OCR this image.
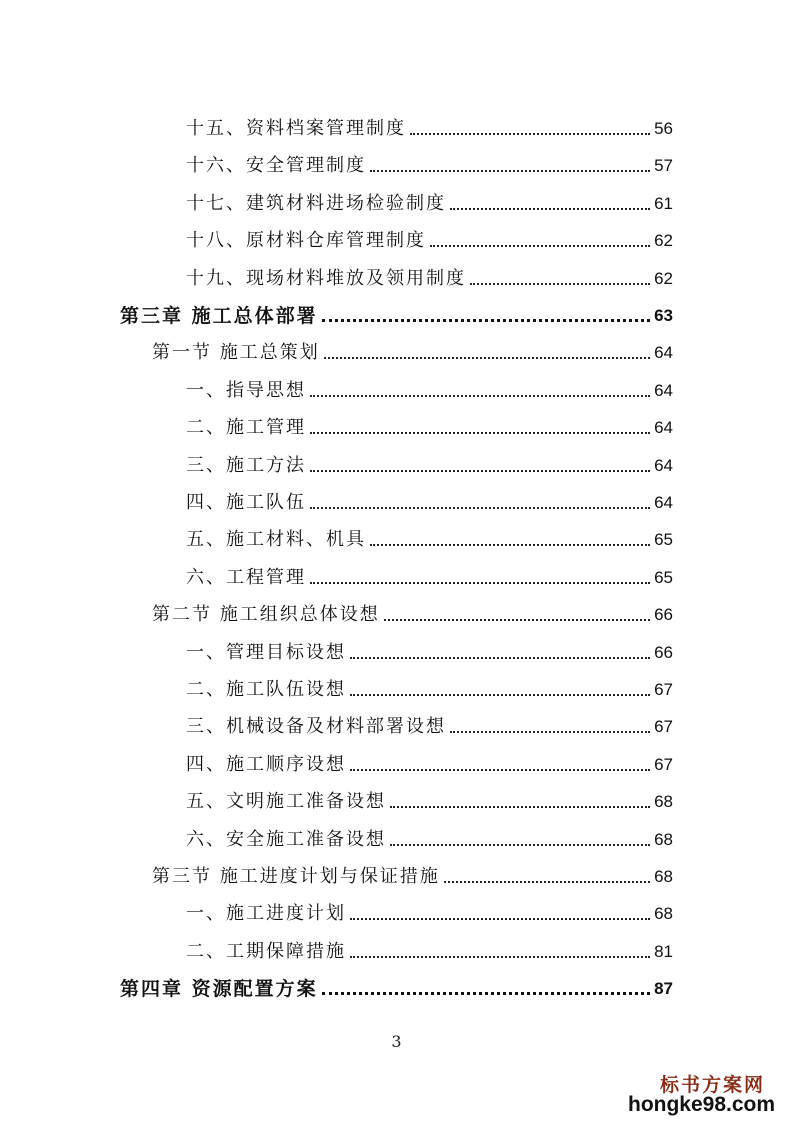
十五、资料档案管理制度	56
十六、安全管理制度	57
十七、建筑材料进场检验制度	61
十八、原材料仓库管理制度	62
十九、现场材料堆放及领用制度	62
第三章 施工总体部署	63
第一节 施工总策划	64
一、指导思想	64
二、施工管理	64
三、施工方法	64
四、施工队伍	64
五、施工材料、机具	65
六、工程管理	65
第二节 施工组织总体设想	66
一、管理目标设想	66
二、施工队伍设想	67
三、机械设备及材料部署设想	67
四、施工顺序设想	67
五、文明施工准备设想	68
六、安全施工准备设想	68
第三节 施工进度计划与保证措施	68
一、施工进度计划	68
二、工期保障措施	81
第四章 资源配置方案	87
3
标书方案网
hongke98.com
